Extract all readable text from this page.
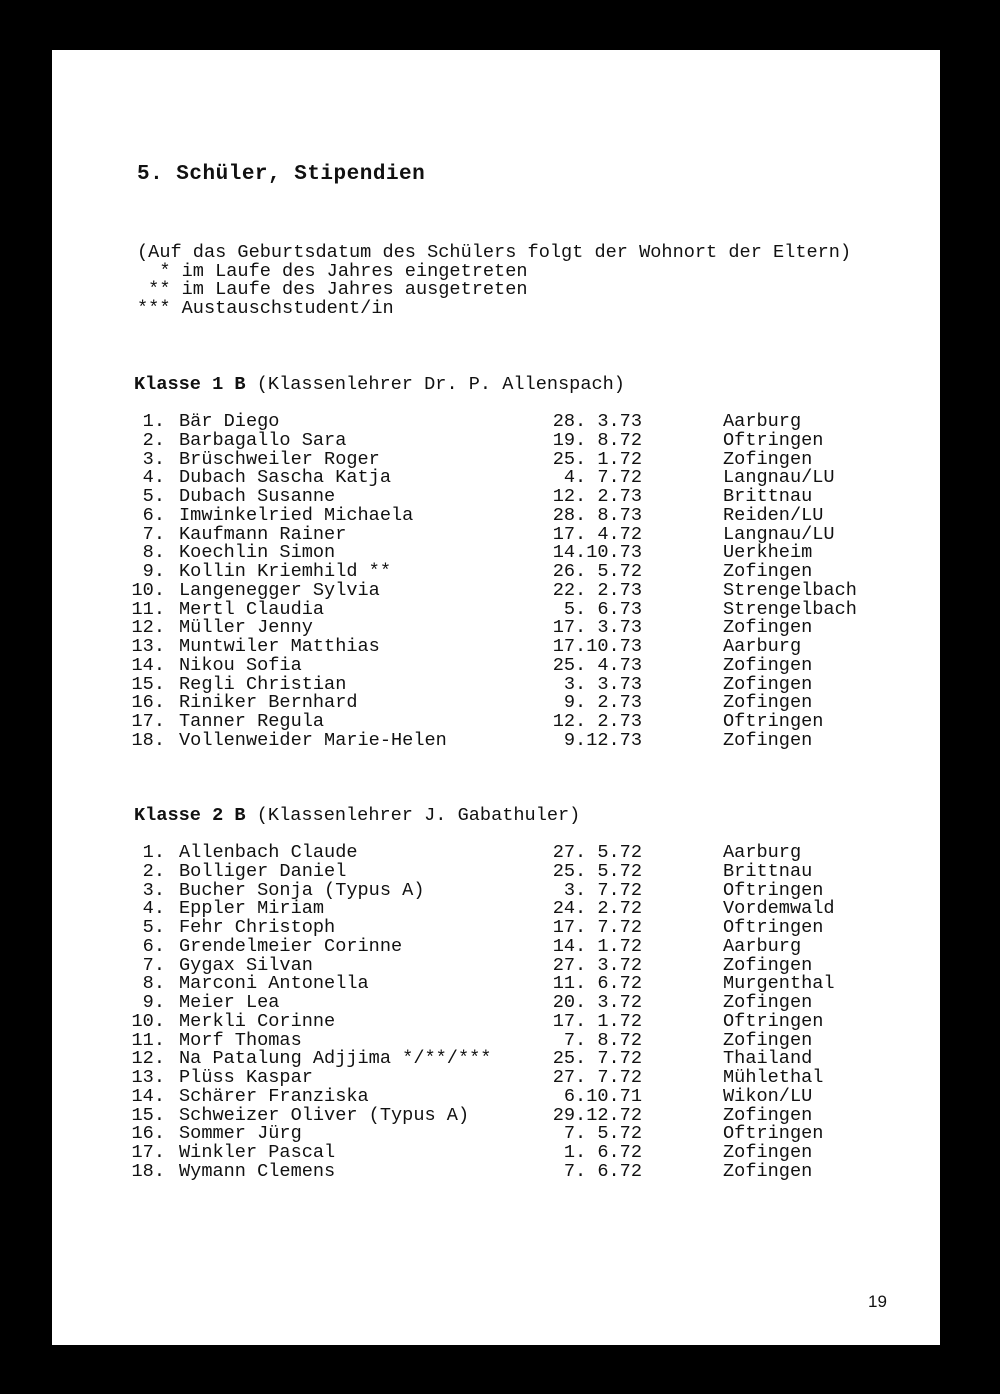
5. Schüler, Stipendien
(Auf das Geburtsdatum des Schülers folgt der Wohnort der Eltern)
* im Laufe des Jahres eingetreten
** im Laufe des Jahres ausgetreten
*** Austauschstudent/in
Klasse 1 B (Klassenlehrer Dr. P. Allenspach)
1. Bär Diego	28. 3.73	Aarburg
2. Barbagallo Sara	19. 8.72	Oftringen
3. Brüschweiler Roger	25. 1.72	Zofingen
4. Dubach Sascha Katja	4. 7.72	Langnau/LU
5. Dubach Susanne	12. 2.73	Brittnau
6. Imwinkelried Michaela	28. 8.73	Reiden/LU
7. Kaufmann Rainer	17. 4.72	Langnau/LU
8. Koechlin Simon	14.10.73	Uerkheim
9. Kollin Kriemhild **	26. 5.72	Zofingen
10. Langenegger Sylvia	22. 2.73	Strengelbach
11. Mertl Claudia	5. 6.73	Strengelbach
12. Müller Jenny	17. 3.73	Zofingen
13. Muntwiler Matthias	17.10.73	Aarburg
14. Nikou Sofia	25. 4.73	Zofingen
15. Regli Christian	3. 3.73	Zofingen
16. Riniker Bernhard	9. 2.73	Zofingen
17. Tanner Regula	12. 2.73	Oftringen
18. Vollenweider Marie-Helen	9.12.73	Zofingen
Klasse 2 B (Klassenlehrer J. Gabathuler)
1. Allenbach Claude	27. 5.72	Aarburg
2. Bolliger Daniel	25. 5.72	Brittnau
3. Bucher Sonja (Typus A)	3. 7.72	Oftringen
4. Eppler Miriam	24. 2.72	Vordemwald
5. Fehr Christoph	17. 7.72	Oftringen
6. Grendelmeier Corinne	14. 1.72	Aarburg
7. Gygax Silvan	27. 3.72	Zofingen
8. Marconi Antonella	11. 6.72	Murgenthal
9. Meier Lea	20. 3.72	Zofingen
10. Merkli Corinne	17. 1.72	Oftringen
11. Morf Thomas	7. 8.72	Zofingen
12. Na Patalung Adjjima */**/***	25. 7.72	Thailand
13. Plüss Kaspar	27. 7.72	Mühlethal
14. Schärer Franziska	6.10.71	Wikon/LU
15. Schweizer Oliver (Typus A)	29.12.72	Zofingen
16. Sommer Jürg	7. 5.72	Oftringen
17. Winkler Pascal	1. 6.72	Zofingen
18. Wymann Clemens	7. 6.72	Zofingen
19
